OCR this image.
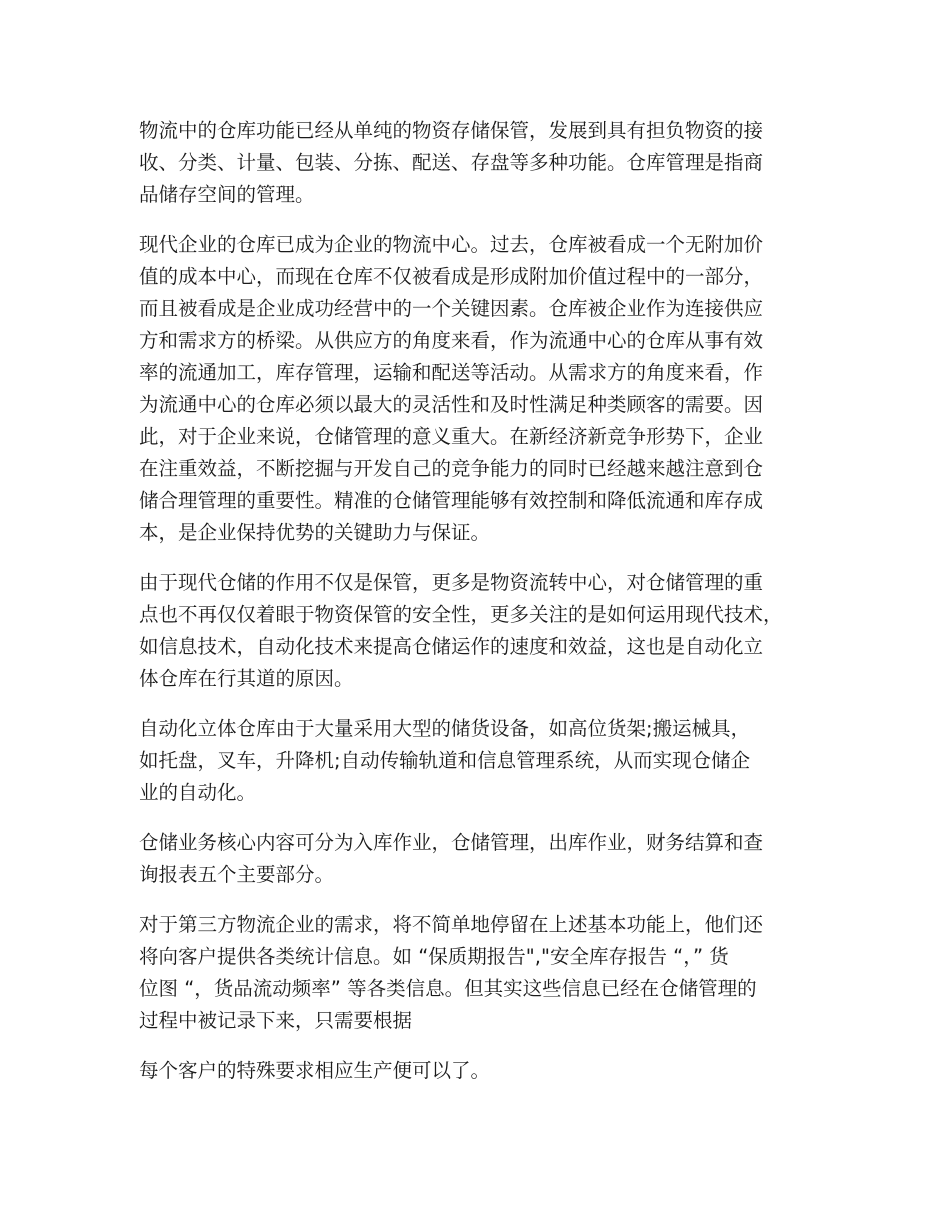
物流中的仓库功能已经从单纯的物资存储保管，发展到具有担负物资的接
收、分类、计量、包装、分拣、配送、存盘等多种功能。仓库管理是指商
品储存空间的管理。

现代企业的仓库已成为企业的物流中心。过去，仓库被看成一个无附加价
值的成本中心，而现在仓库不仅被看成是形成附加价值过程中的一部分，
而且被看成是企业成功经营中的一个关键因素。仓库被企业作为连接供应
方和需求方的桥梁。从供应方的角度来看，作为流通中心的仓库从事有效
率的流通加工，库存管理，运输和配送等活动。从需求方的角度来看，作
为流通中心的仓库必须以最大的灵活性和及时性满足种类顾客的需要。因
此，对于企业来说，仓储管理的意义重大。在新经济新竞争形势下，企业
在注重效益，不断挖掘与开发自己的竞争能力的同时已经越来越注意到仓
储合理管理的重要性。精准的仓储管理能够有效控制和降低流通和库存成
本，是企业保持优势的关键助力与保证。

由于现代仓储的作用不仅是保管，更多是物资流转中心，对仓储管理的重
点也不再仅仅着眼于物资保管的安全性，更多关注的是如何运用现代技术，
如信息技术，自动化技术来提高仓储运作的速度和效益，这也是自动化立
体仓库在行其道的原因。

自动化立体仓库由于大量采用大型的储货设备，如高位货架;搬运械具，
如托盘，叉车，升降机;自动传输轨道和信息管理系统，从而实现仓储企
业的自动化。

仓储业务核心内容可分为入库作业，仓储管理，出库作业，财务结算和查
询报表五个主要部分。

对于第三方物流企业的需求，将不简单地停留在上述基本功能上，他们还
将向客户提供各类统计信息。如 “保质期报告","安全库存报告 “，” 货
位图 “，货品流动频率” 等各类信息。但其实这些信息已经在仓储管理的
过程中被记录下来，只需要根据

每个客户的特殊要求相应生产便可以了。
